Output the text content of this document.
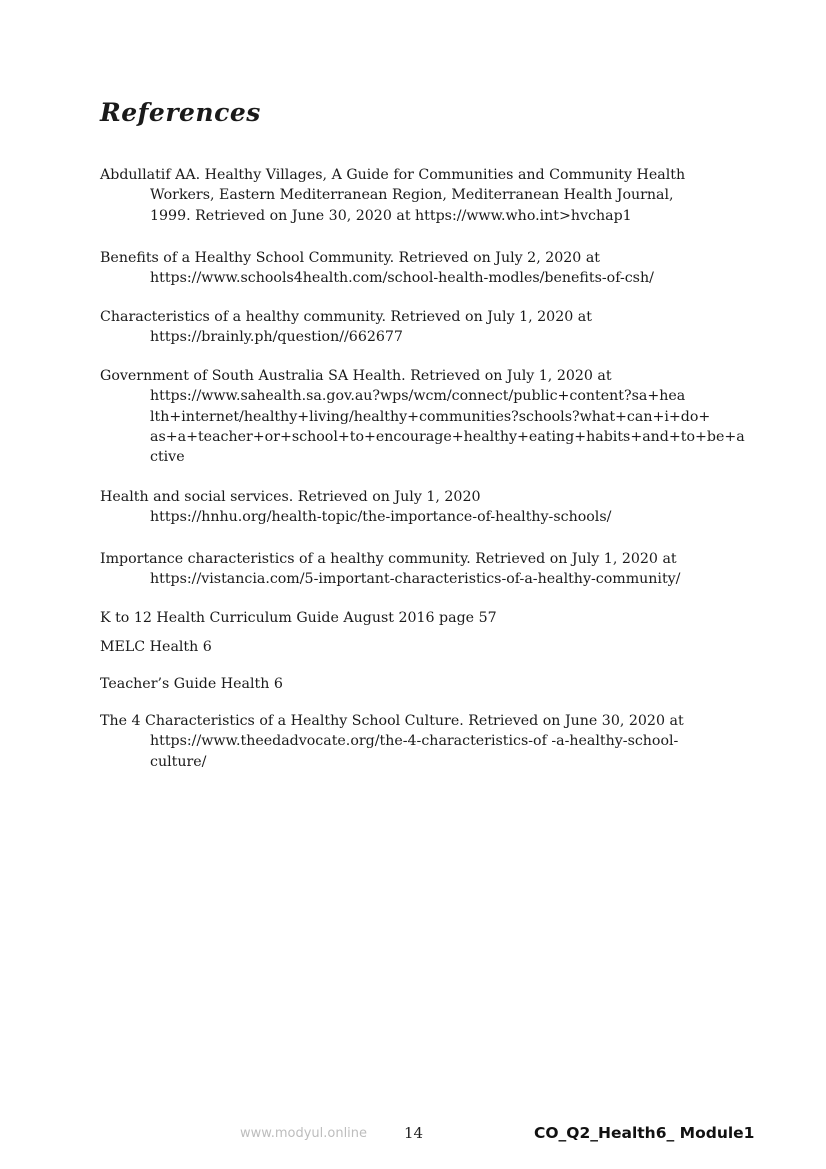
References
Abdullatif AA. Healthy Villages, A Guide for Communities and Community Health
Workers, Eastern Mediterranean Region, Mediterranean Health Journal,
1999. Retrieved on June 30, 2020 at https://www.who.int>hvchap1
Benefits of a Healthy School Community. Retrieved on July 2, 2020 at
https://www.schools4health.com/school-health-modles/benefits-of-csh/
Characteristics of a healthy community. Retrieved on July 1, 2020 at
https://brainly.ph/question//662677
Government of South Australia SA Health. Retrieved on July 1, 2020 at
https://www.sahealth.sa.gov.au?wps/wcm/connect/public+content?sa+hea
lth+internet/healthy+living/healthy+communities?schools?what+can+i+do+
as+a+teacher+or+school+to+encourage+healthy+eating+habits+and+to+be+a
ctive
Health and social services. Retrieved on July 1, 2020
https://hnhu.org/health-topic/the-importance-of-healthy-schools/
Importance characteristics of a healthy community. Retrieved on July 1, 2020 at
https://vistancia.com/5-important-characteristics-of-a-healthy-community/
K to 12 Health Curriculum Guide August 2016 page 57
MELC Health 6
Teacher’s Guide Health 6
The 4 Characteristics of a Healthy School Culture. Retrieved on June 30, 2020 at
https://www.theedadvocate.org/the-4-characteristics-of -a-healthy-school-
culture/
www.modyul.online 14	CO_Q2_Health6_ Module1
